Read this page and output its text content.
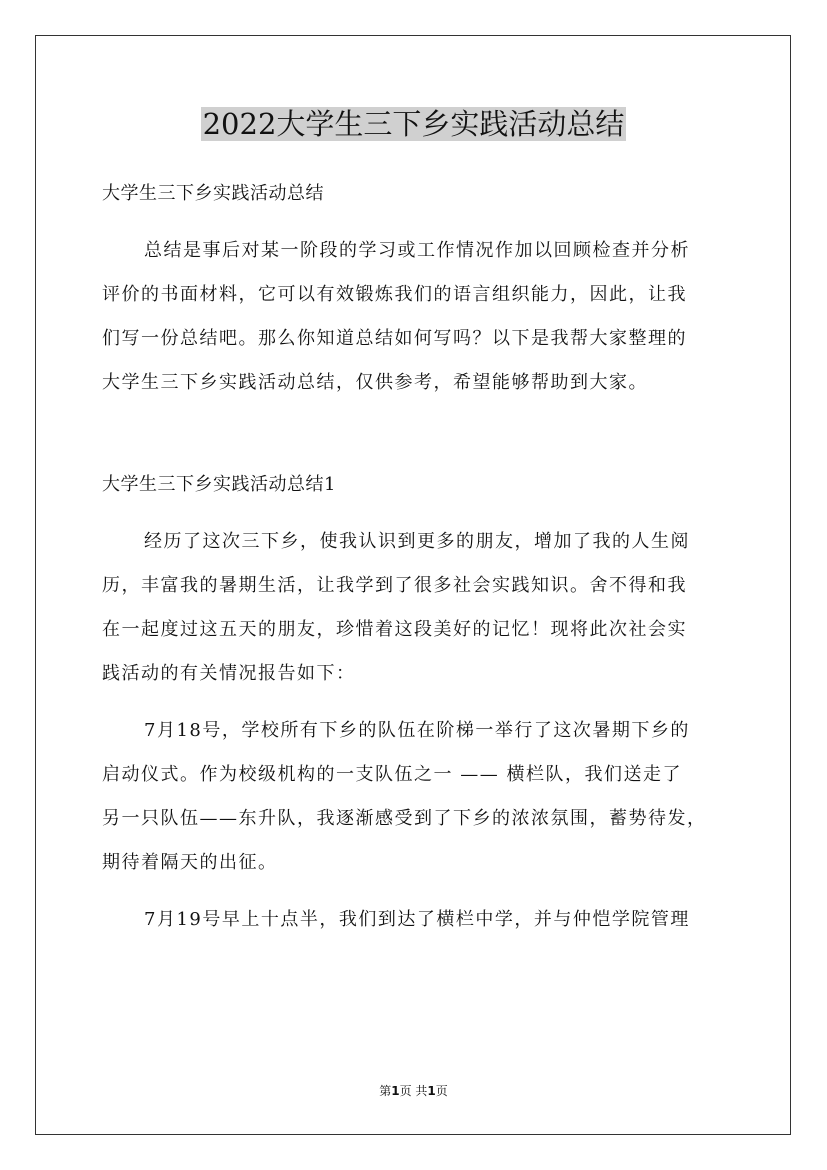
2022大学生三下乡实践活动总结

大学生三下乡实践活动总结

总结是事后对某一阶段的学习或工作情况作加以回顾检查并分析

评价的书面材料，它可以有效锻炼我们的语言组织能力，因此，让我

们写一份总结吧。那么你知道总结如何写吗？以下是我帮大家整理的

大学生三下乡实践活动总结，仅供参考，希望能够帮助到大家。

大学生三下乡实践活动总结1

经历了这次三下乡，使我认识到更多的朋友，增加了我的人生阅

历，丰富我的暑期生活，让我学到了很多社会实践知识。舍不得和我

在一起度过这五天的朋友，珍惜着这段美好的记忆！现将此次社会实

践活动的有关情况报告如下：

7月18号，学校所有下乡的队伍在阶梯一举行了这次暑期下乡的

启动仪式。作为校级机构的一支队伍之一 —— 横栏队，我们送走了

另一只队伍——东升队，我逐渐感受到了下乡的浓浓氛围，蓄势待发，

期待着隔天的出征。

7月19号早上十点半，我们到达了横栏中学，并与仲恺学院管理

第1页 共1页
